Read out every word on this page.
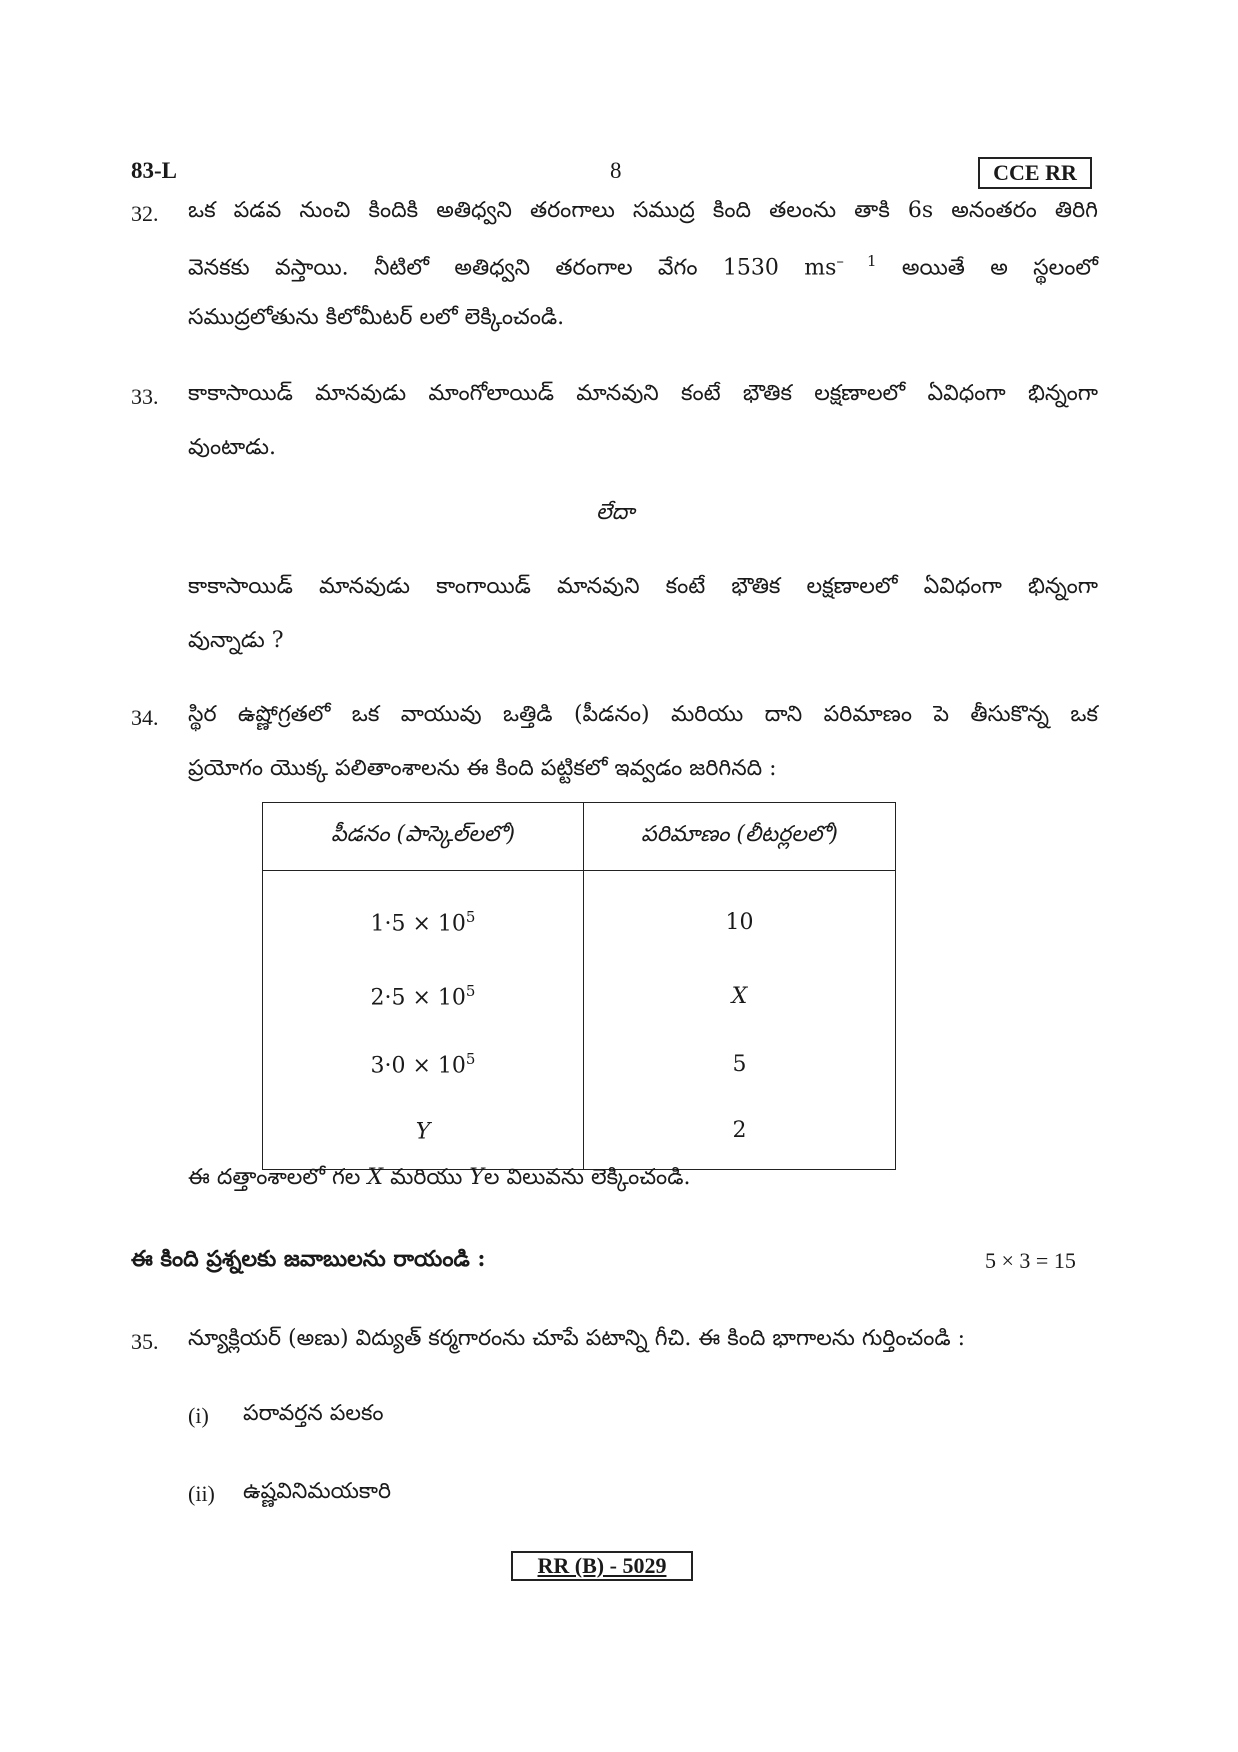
83-L	8	CCE RR
32. ఒక పడవ నుంచి కిందికి అతిధ్వని తరంగాలు సముద్ర కింది తలంను తాకి 6s అనంతరం తిరిగి
వెనకకు వస్తాయి. నీటిలో అతిధ్వని తరంగాల వేగం 1530 $ms^{- 1}$ అయితే అ స్థలంలో
సముద్రలోతును కిలోమీటర్ లలో లెక్కించండి.
33. కాకాసాయిడ్ మానవుడు మాంగోలాయిడ్ మానవుని కంటే భౌతిక లక్షణాలలో ఏవిధంగా భిన్నంగా
వుంటాడు.
లేదా
కాకాసాయిడ్ మానవుడు కాంగాయిడ్ మానవుని కంటే భౌతిక లక్షణాలలో ఏవిధంగా భిన్నంగా
వున్నాడు ?
34. స్థిర ఉష్ణోగ్రతలో ఒక వాయువు ఒత్తిడి (పీడనం) మరియు దాని పరిమాణం పె తీసుకొన్న ఒక
ప్రయోగం యొక్క పలితాంశాలను ఈ కింది పట్టికలో ఇవ్వడం జరిగినది :
పీడనం (పాస్కెల్‌లలో)	పరిమాణం (లీటర్లలలో)
$1\cdot 5 \times 10^5$	10
$2\cdot 5 \times 10^5$	X
$3\cdot 0 \times 10^5$	5
Y	2
ఈ దత్తాంశాలలో గల X మరియు Yల విలువను లెక్కించండి.
ఈ కింది ప్రశ్నలకు జవాబులను రాయండి :	5 × 3 = 15
35. న్యూక్లియర్ (అణు) విద్యుత్ కర్మగారంను చూపే పటాన్ని గీచి. ఈ కింది భాగాలను గుర్తించండి :
(i) పరావర్తన పలకం
(ii) ఉష్ణవినిమయకారి
RR (B) - 5029
